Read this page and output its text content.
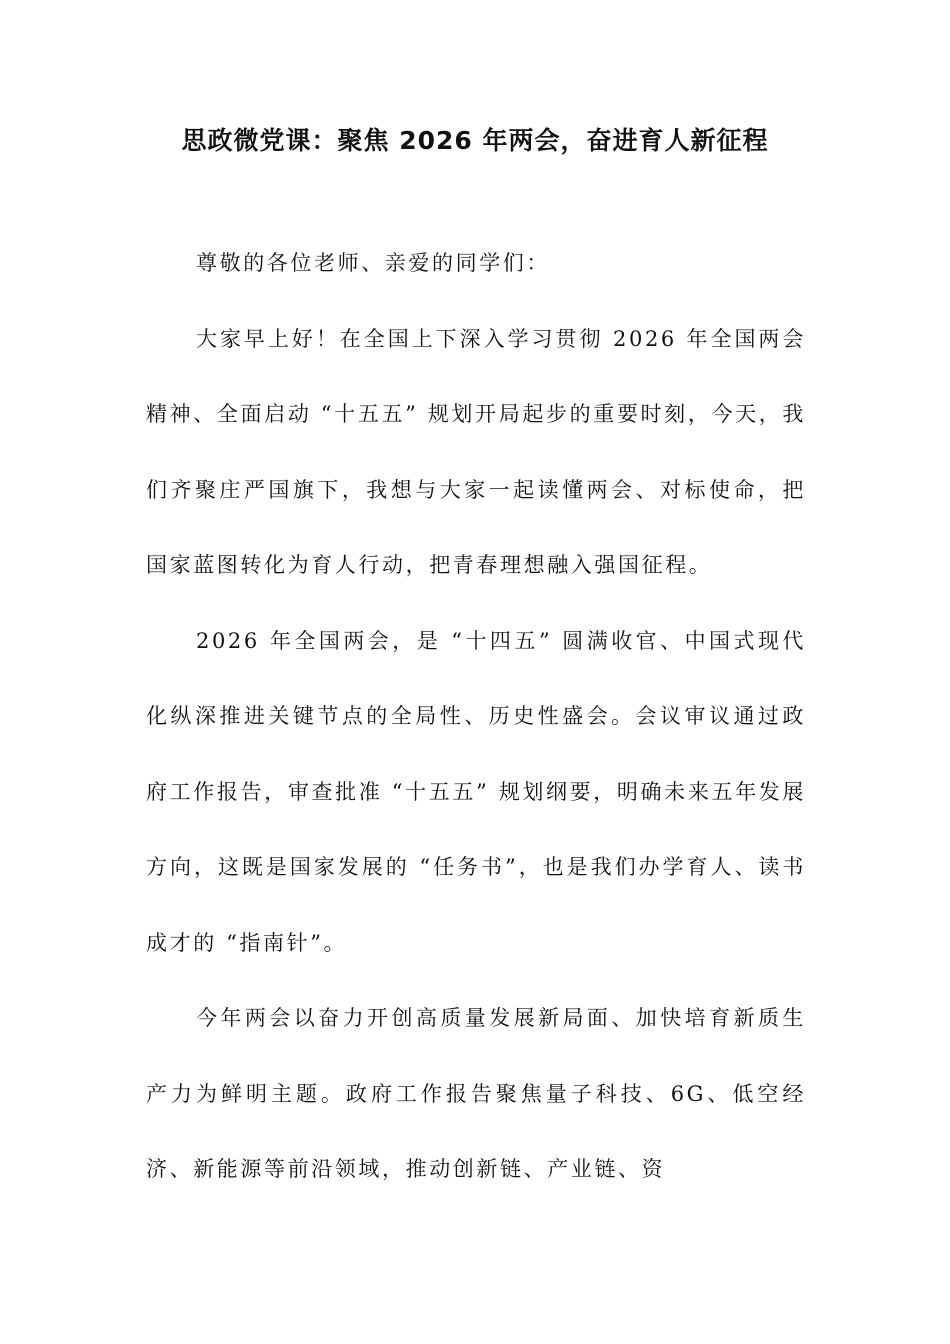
思政微党课：聚焦 2026 年两会，奋进育人新征程

尊敬的各位老师、亲爱的同学们：

大家早上好！在全国上下深入学习贯彻 2026 年全国两会精神、全面启动 “十五五” 规划开局起步的重要时刻，今天，我们齐聚庄严国旗下，我想与大家一起读懂两会、对标使命，把国家蓝图转化为育人行动，把青春理想融入强国征程。

2026 年全国两会，是 “十四五” 圆满收官、中国式现代化纵深推进关键节点的全局性、历史性盛会。会议审议通过政府工作报告，审查批准 “十五五” 规划纲要，明确未来五年发展方向，这既是国家发展的 “任务书”，也是我们办学育人、读书成才的 “指南针”。

今年两会以奋力开创高质量发展新局面、加快培育新质生产力为鲜明主题。政府工作报告聚焦量子科技、6G、低空经济、新能源等前沿领域，推动创新链、产业链、资
